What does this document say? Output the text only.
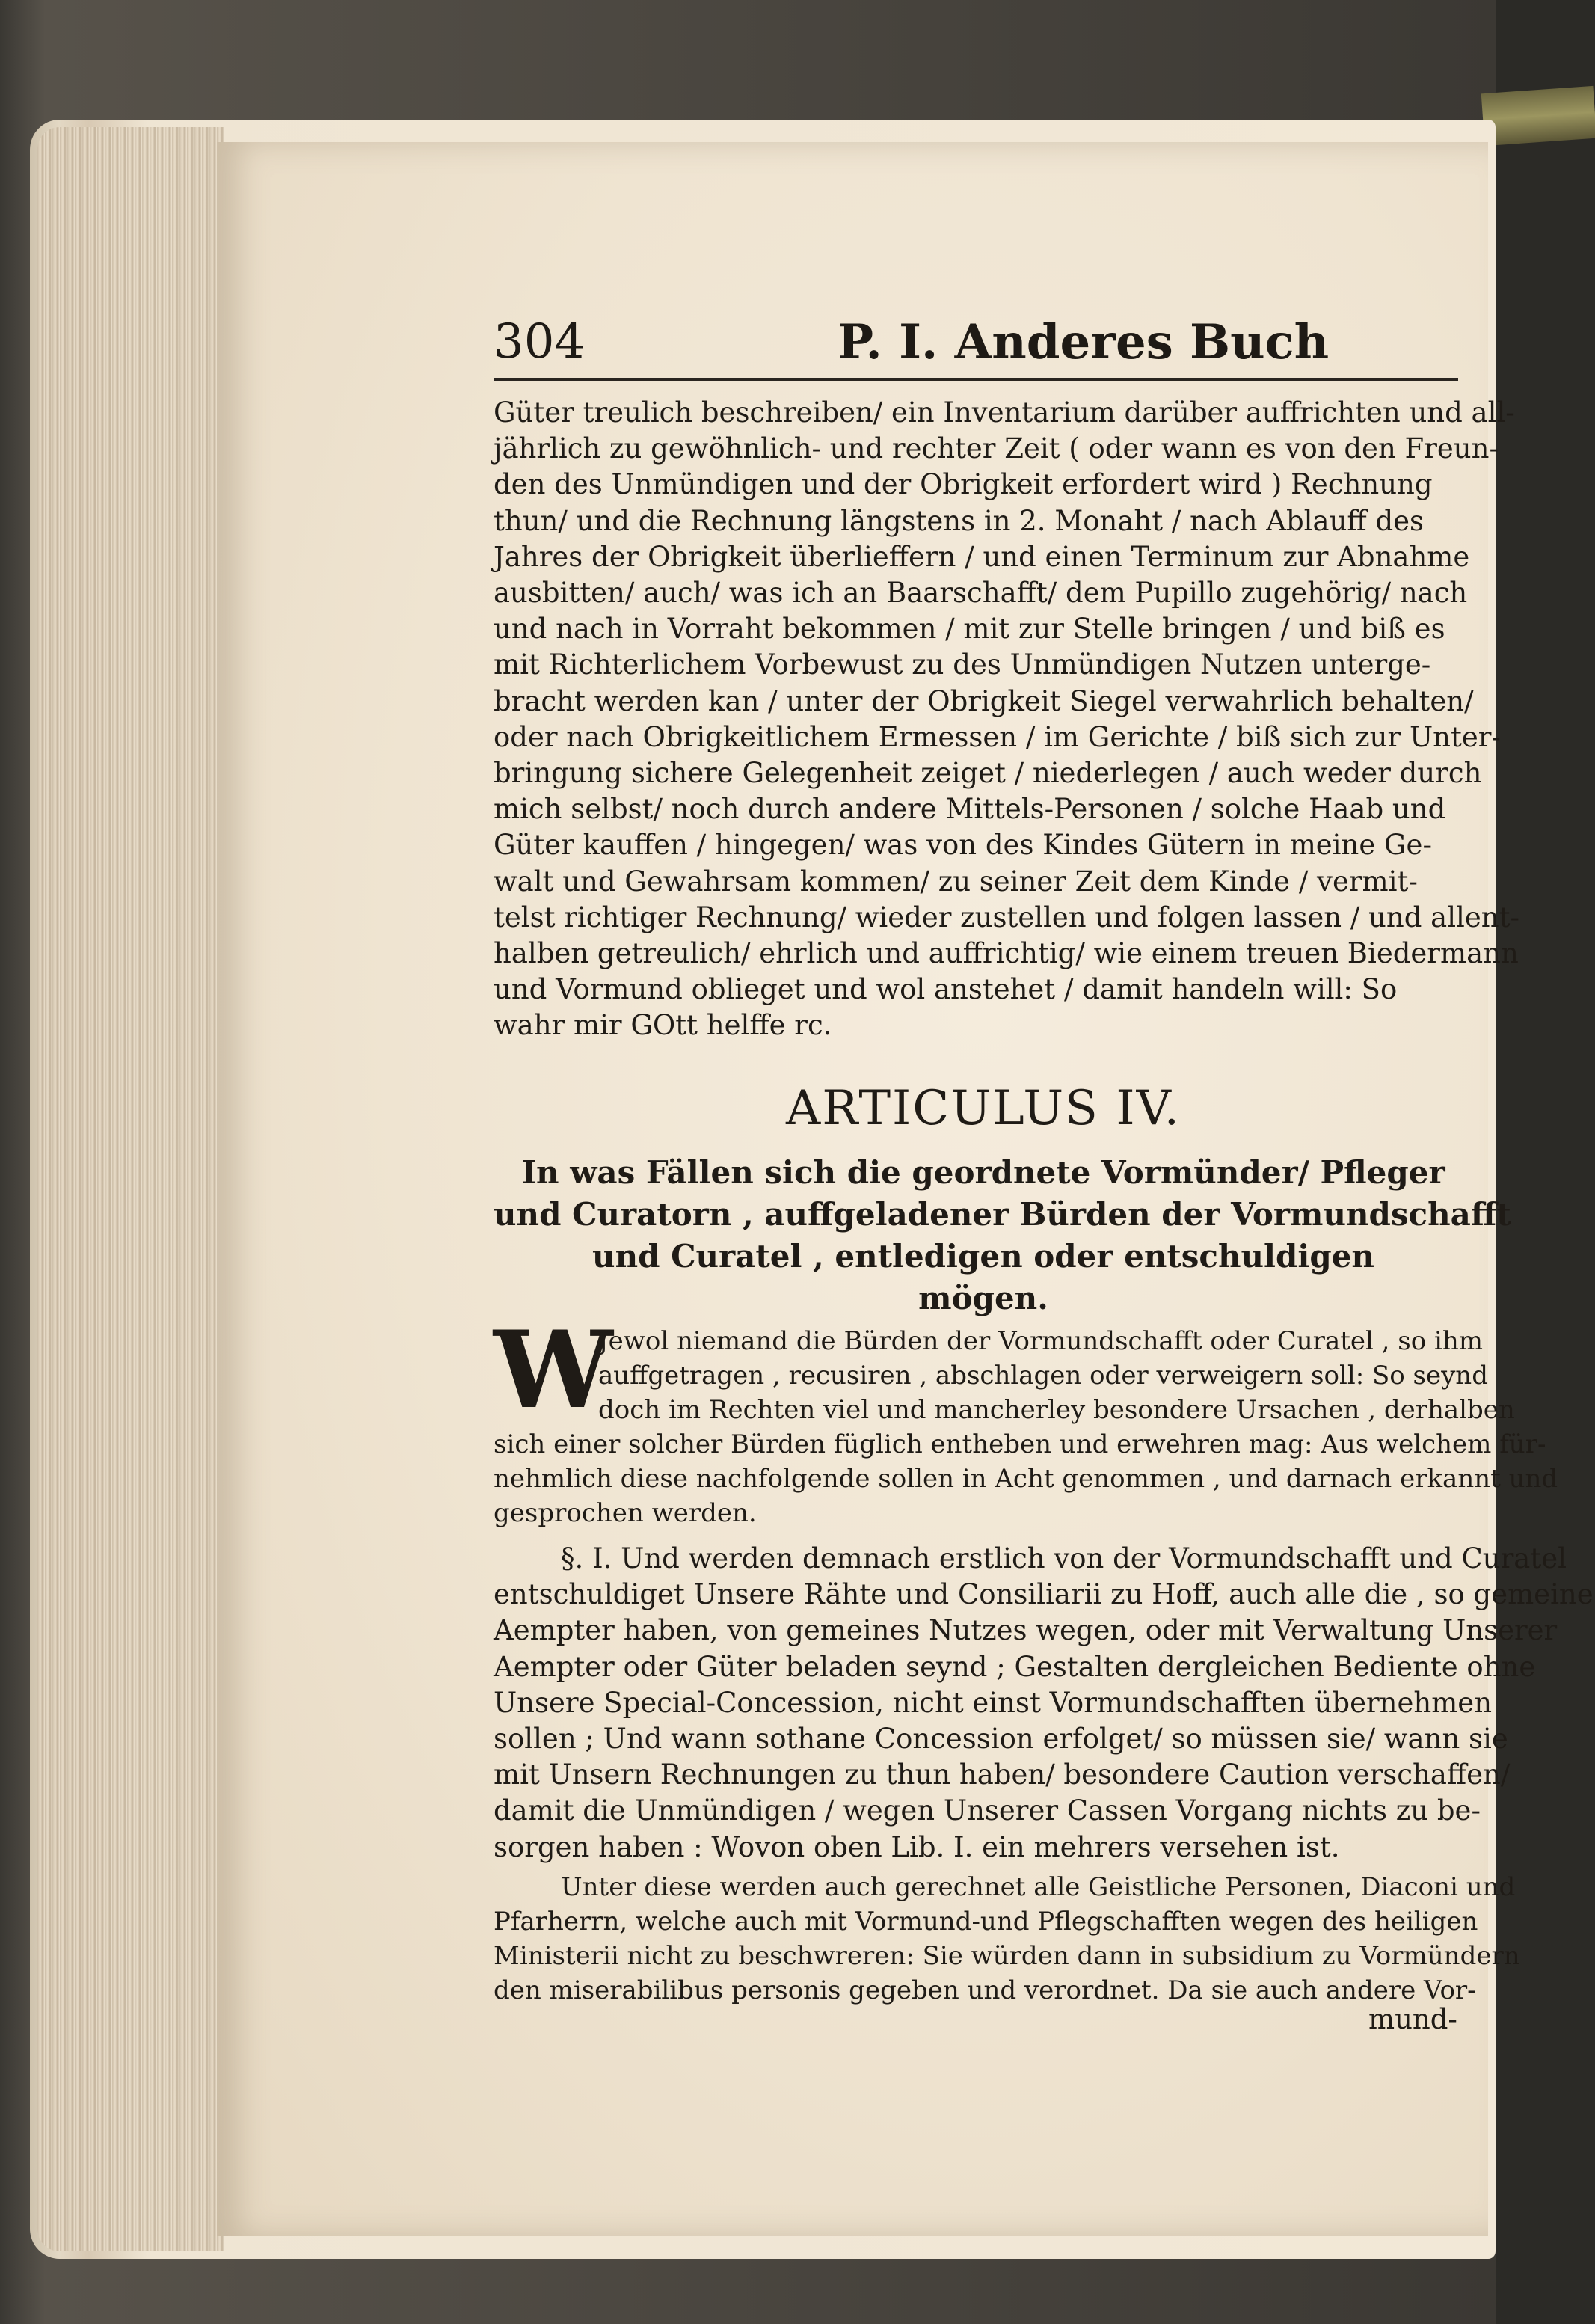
304	P. I. Anderes Buch
Güter treulich beschreiben/ ein Inventarium darüber auffrichten und all-
jährlich zu gewöhnlich- und rechter Zeit ( oder wann es von den Freun-
den des Unmündigen und der Obrigkeit erfordert wird ) Rechnung
thun/ und die Rechnung längstens in 2. Monaht / nach Ablauff des
Jahres der Obrigkeit überlieffern / und einen Terminum zur Abnahme
ausbitten/ auch/ was ich an Baarschafft/ dem Pupillo zugehörig/ nach
und nach in Vorraht bekommen / mit zur Stelle bringen / und biß es
mit Richterlichem Vorbewust zu des Unmündigen Nutzen unterge-
bracht werden kan / unter der Obrigkeit Siegel verwahrlich behalten/
oder nach Obrigkeitlichem Ermessen / im Gerichte / biß sich zur Unter-
bringung sichere Gelegenheit zeiget / niederlegen / auch weder durch
mich selbst/ noch durch andere Mittels-Personen / solche Haab und
Güter kauffen / hingegen/ was von des Kindes Gütern in meine Ge-
walt und Gewahrsam kommen/ zu seiner Zeit dem Kinde / vermit-
telst richtiger Rechnung/ wieder zustellen und folgen lassen / und allent-
halben getreulich/ ehrlich und auffrichtig/ wie einem treuen Biedermann
und Vormund oblieget und wol anstehet / damit handeln will: So
wahr mir GOtt helffe rc.
ARTICULUS IV.
In was Fällen sich die geordnete Vormünder/ Pfleger
und Curatorn , auffgeladener Bürden der Vormundschafft
und Curatel , entledigen oder entschuldigen
mögen.
W
Jewol niemand die Bürden der Vormundschafft oder Curatel , so ihm
auffgetragen , recusiren , abschlagen oder verweigern soll: So seynd
doch im Rechten viel und mancherley besondere Ursachen , derhalben
sich einer solcher Bürden füglich entheben und erwehren mag: Aus welchem für-
nehmlich diese nachfolgende sollen in Acht genommen , und darnach erkannt und
gesprochen werden.
§. I. Und werden demnach erstlich von der Vormundschafft und Curatel
entschuldiget Unsere Rähte und Consiliarii zu Hoff, auch alle die , so gemeine
Aempter haben, von gemeines Nutzes wegen, oder mit Verwaltung Unserer
Aempter oder Güter beladen seynd ; Gestalten dergleichen Bediente ohne
Unsere Special-Concession, nicht einst Vormundschafften übernehmen
sollen ; Und wann sothane Concession erfolget/ so müssen sie/ wann sie
mit Unsern Rechnungen zu thun haben/ besondere Caution verschaffen/
damit die Unmündigen / wegen Unserer Cassen Vorgang nichts zu be-
sorgen haben : Wovon oben Lib. I. ein mehrers versehen ist.
Unter diese werden auch gerechnet alle Geistliche Personen, Diaconi und
Pfarherrn, welche auch mit Vormund-und Pflegschafften wegen des heiligen
Ministerii nicht zu beschwreren: Sie würden dann in subsidium zu Vormündern
den miserabilibus personis gegeben und verordnet. Da sie auch andere Vor-
mund-
